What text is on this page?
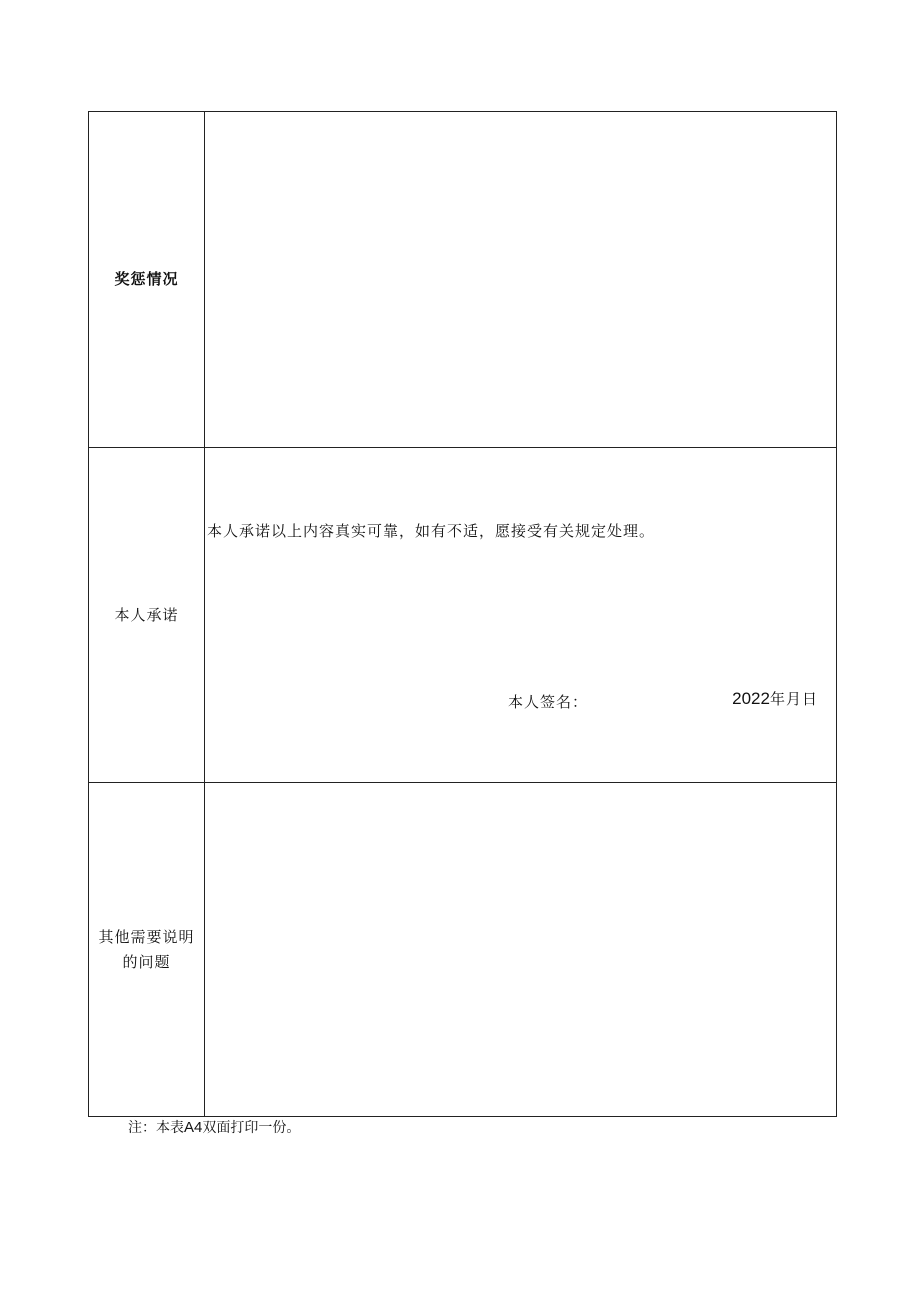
奖惩情况
本人承诺
本人承诺以上内容真实可靠，如有不适，愿接受有关规定处理。
本人签名：	2022 年月 日
其他需要说明
的问题
注：本表 A4 双面打印一份。
